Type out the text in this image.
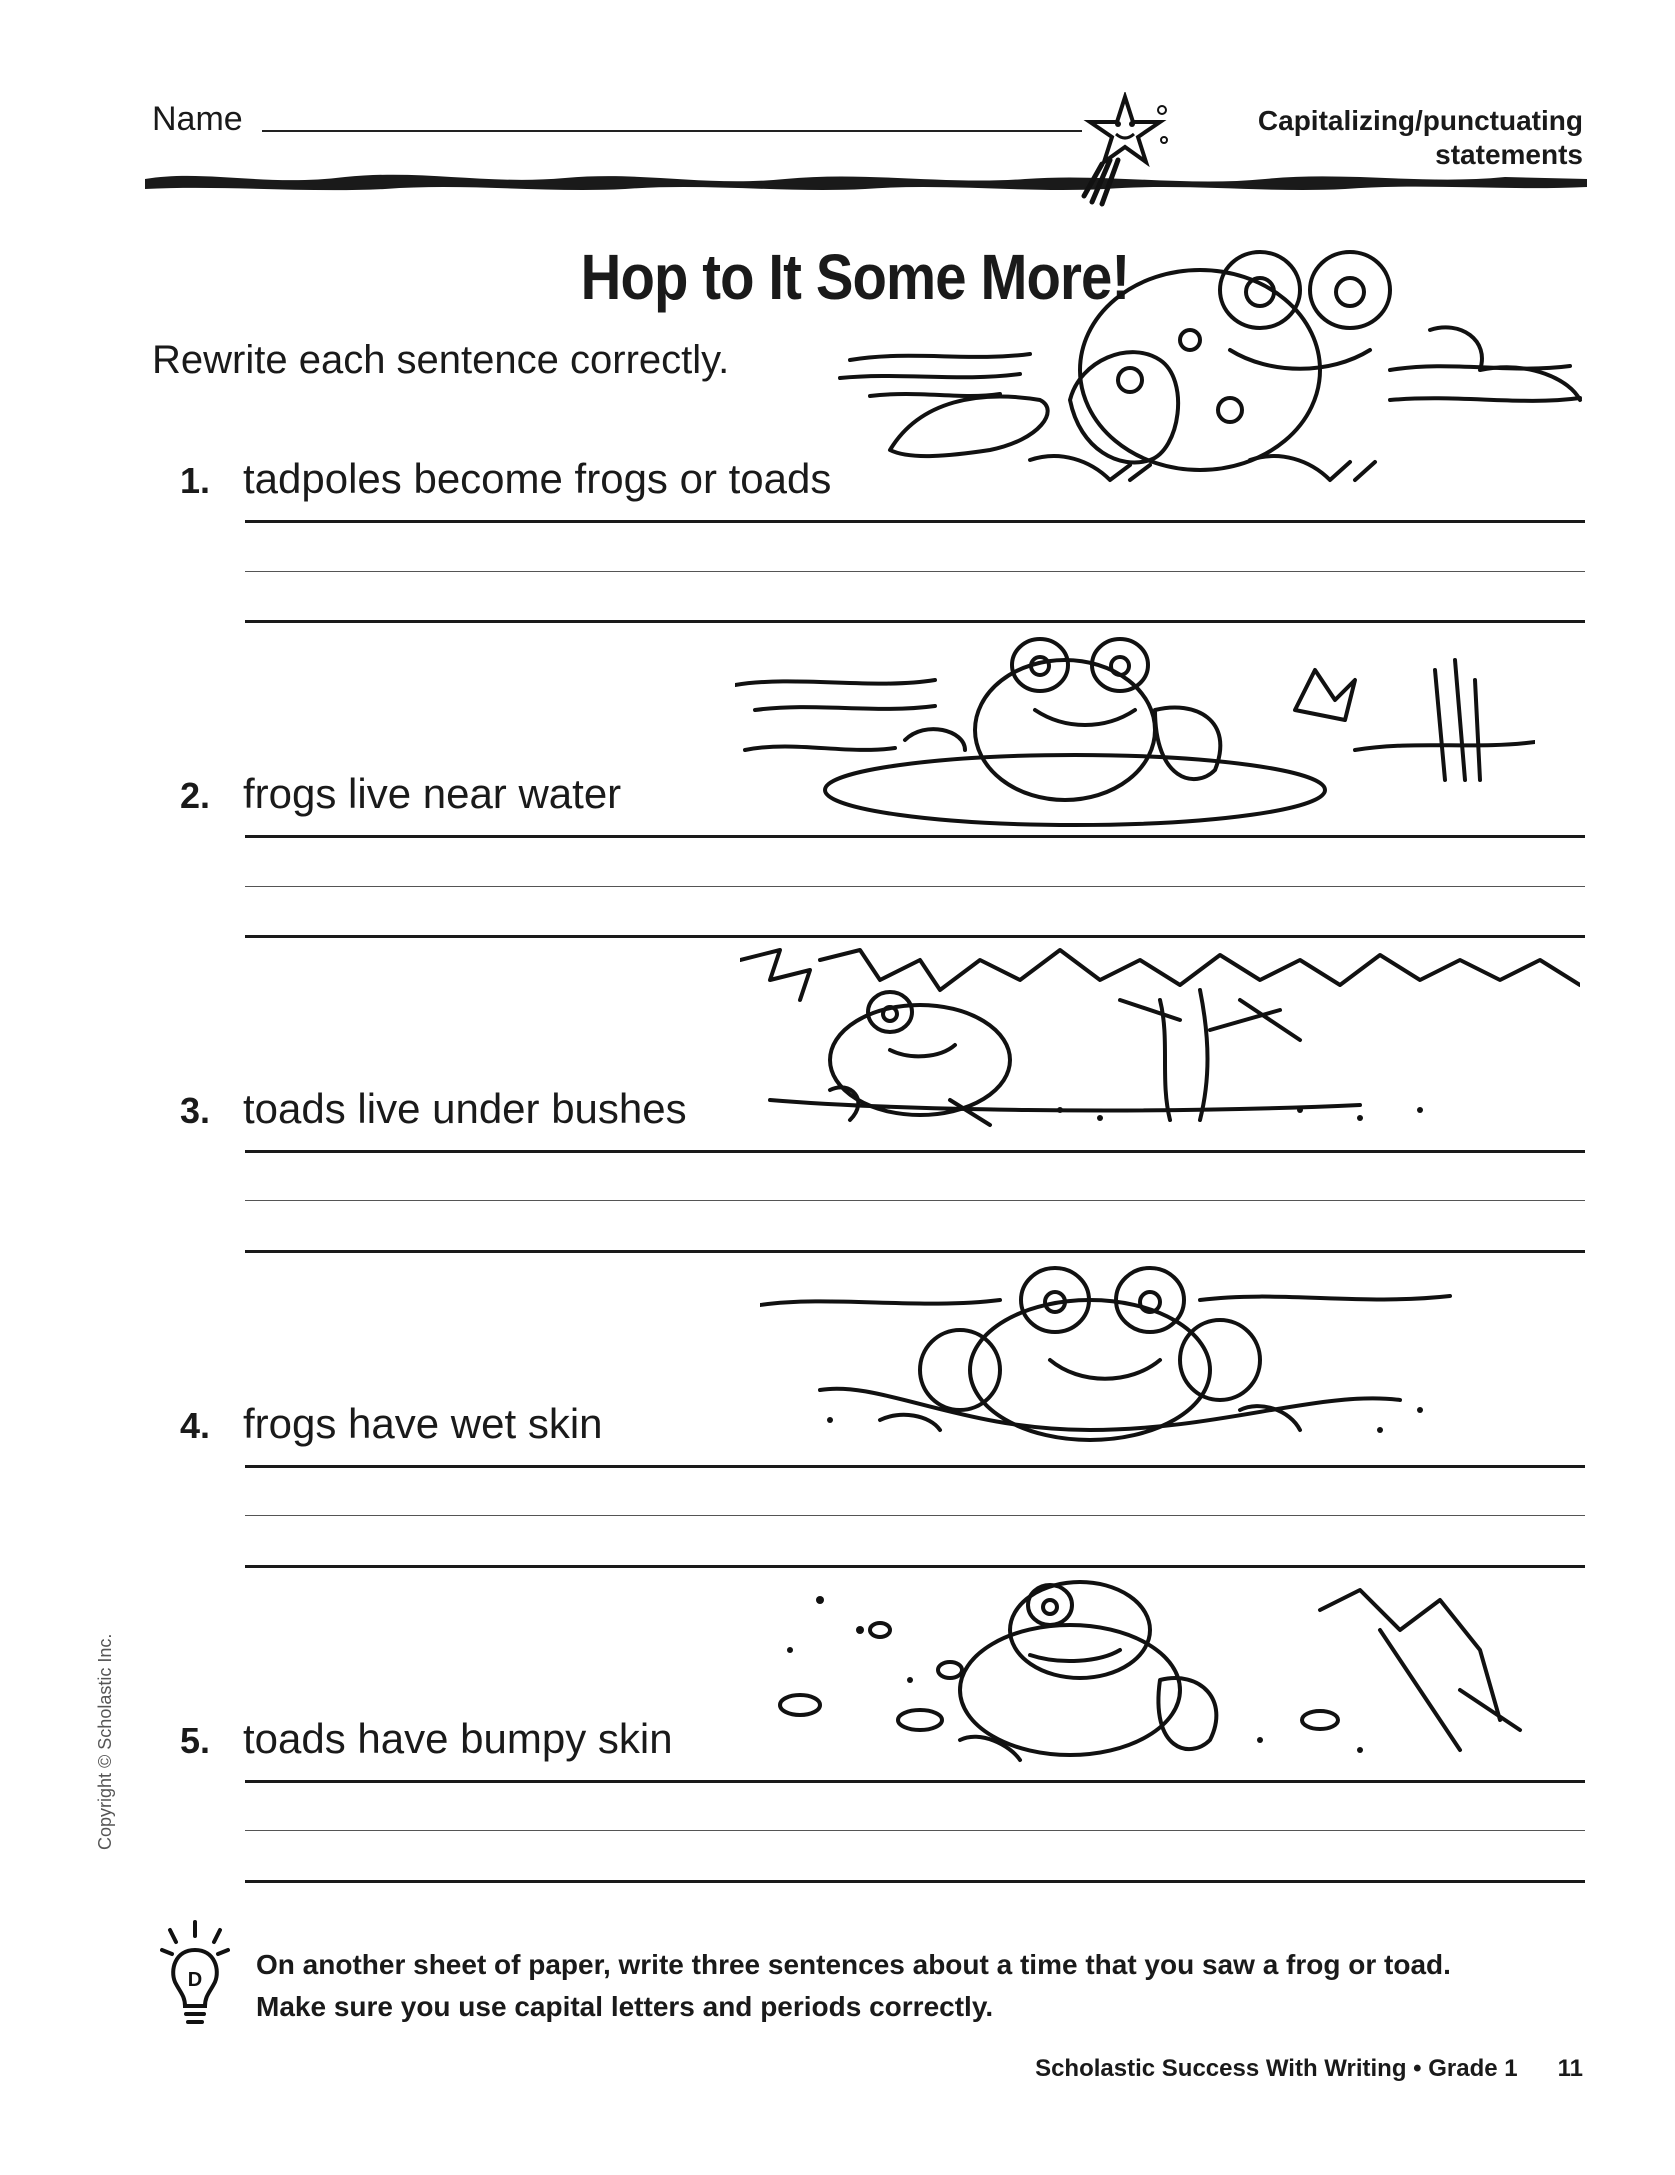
Name	Capitalizing/punctuating
statements
Hop to It Some More!
Rewrite each sentence correctly.
1. tadpoles become frogs or toads
2. frogs live near water
3. toads live under bushes
4. frogs have wet skin
5. toads have bumpy skin
D On another sheet of paper, write three sentences about a time that you saw a frog or toad.
Make sure you use capital letters and periods correctly.
Scholastic Success With Writing • Grade 1 11
Copyright © Scholastic Inc.
